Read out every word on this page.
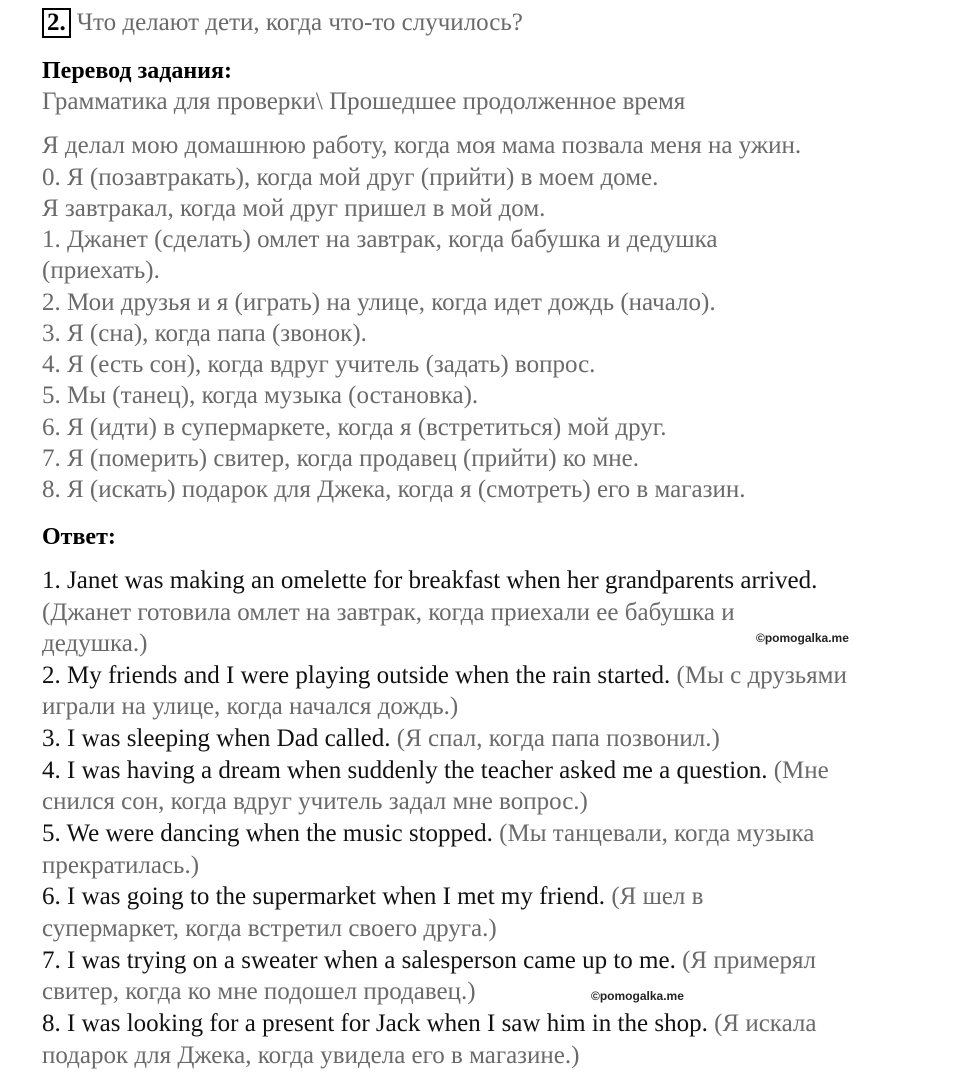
2. Что делают дети, когда что-то случилось?
Перевод задания:
Грамматика для проверки\ Прошедшее продолженное время
Я делал мою домашнюю работу, когда моя мама позвала меня на ужин.
0. Я (позавтракать), когда мой друг (прийти) в моем доме.
Я завтракал, когда мой друг пришел в мой дом.
1. Джанет (сделать) омлет на завтрак, когда бабушка и дедушка
(приехать).
2. Мои друзья и я (играть) на улице, когда идет дождь (начало).
3. Я (сна), когда папа (звонок).
4. Я (есть сон), когда вдруг учитель (задать) вопрос.
5. Мы (танец), когда музыка (остановка).
6. Я (идти) в супермаркете, когда я (встретиться) мой друг.
7. Я (померить) свитер, когда продавец (прийти) ко мне.
8. Я (искать) подарок для Джека, когда я (смотреть) его в магазин.
Ответ:
1. Janet was making an omelette for breakfast when her grandparents arrived.
(Джанет готовила омлет на завтрак, когда приехали ее бабушка и
дедушка.)
2. My friends and I were playing outside when the rain started. (Мы с друзьями
играли на улице, когда начался дождь.)
3. I was sleeping when Dad called. (Я спал, когда папа позвонил.)
4. I was having a dream when suddenly the teacher asked me a question. (Мне
снился сон, когда вдруг учитель задал мне вопрос.)
5. We were dancing when the music stopped. (Мы танцевали, когда музыка
прекратилась.)
6. I was going to the supermarket when I met my friend. (Я шел в
супермаркет, когда встретил своего друга.)
7. I was trying on a sweater when a salesperson came up to me. (Я примерял
свитер, когда ко мне подошел продавец.)
8. I was looking for a present for Jack when I saw him in the shop. (Я искала
подарок для Джека, когда увидела его в магазине.)
©pomogalka.me
©pomogalka.me
